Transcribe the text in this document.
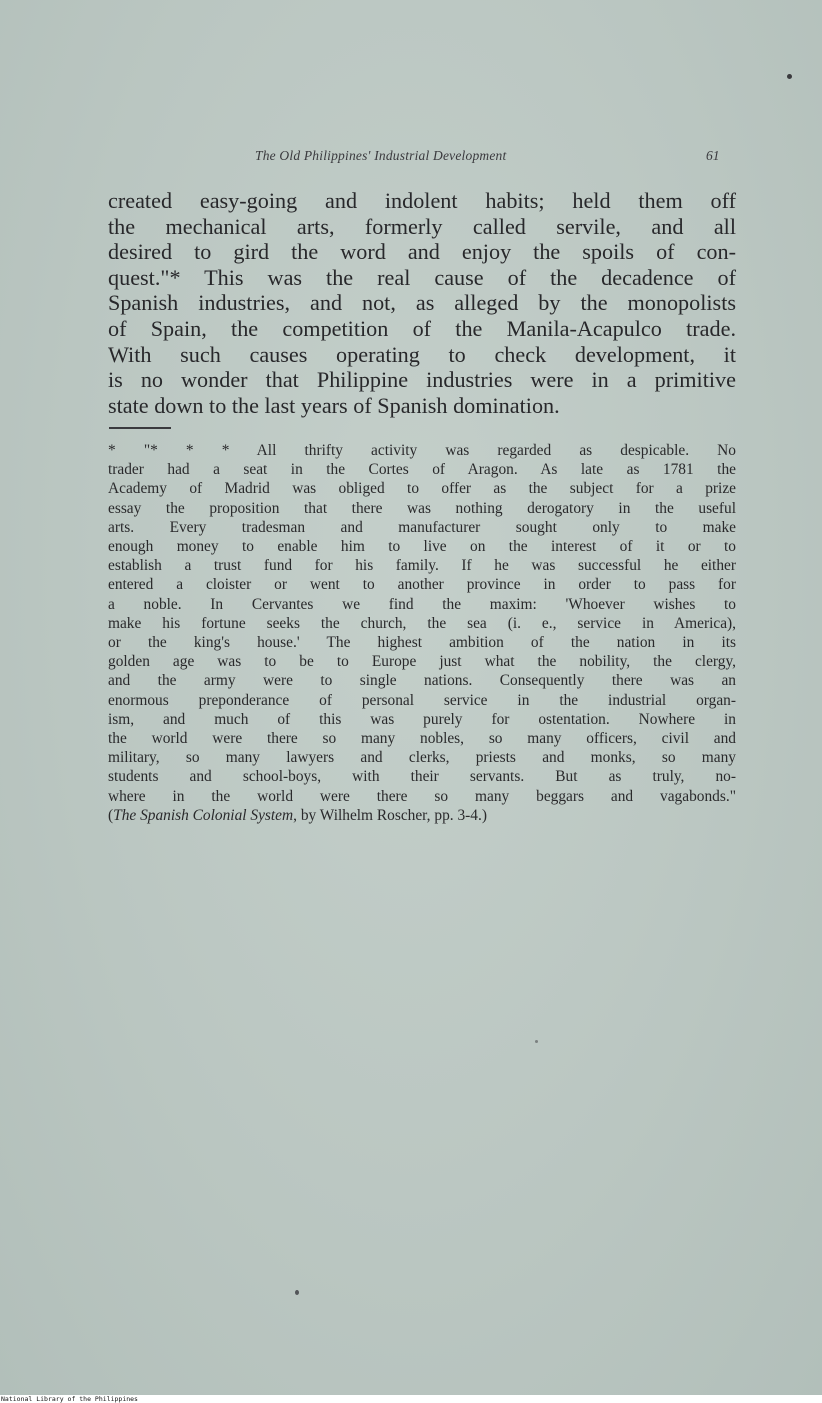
The Old Philippines' Industrial Development	61
created easy-going and indolent habits; held them off
the mechanical arts, formerly called servile, and all
desired to gird the word and enjoy the spoils of con-
quest."* This was the real cause of the decadence of
Spanish industries, and not, as alleged by the monopolists
of Spain, the competition of the Manila-Acapulco trade.
With such causes operating to check development, it
is no wonder that Philippine industries were in a primitive
state down to the last years of Spanish domination.
* "* * * All thrifty activity was regarded as despicable. No
trader had a seat in the Cortes of Aragon. As late as 1781 the
Academy of Madrid was obliged to offer as the subject for a prize
essay the proposition that there was nothing derogatory in the useful
arts. Every tradesman and manufacturer sought only to make
enough money to enable him to live on the interest of it or to
establish a trust fund for his family. If he was successful he either
entered a cloister or went to another province in order to pass for
a noble. In Cervantes we find the maxim: 'Whoever wishes to
make his fortune seeks the church, the sea (i. e., service in America),
or the king's house.' The highest ambition of the nation in its
golden age was to be to Europe just what the nobility, the clergy,
and the army were to single nations. Consequently there was an
enormous preponderance of personal service in the industrial organ-
ism, and much of this was purely for ostentation. Nowhere in
the world were there so many nobles, so many officers, civil and
military, so many lawyers and clerks, priests and monks, so many
students and school-boys, with their servants. But as truly, no-
where in the world were there so many beggars and vagabonds."
(The Spanish Colonial System, by Wilhelm Roscher, pp. 3-4.)
National Library of the Philippines
